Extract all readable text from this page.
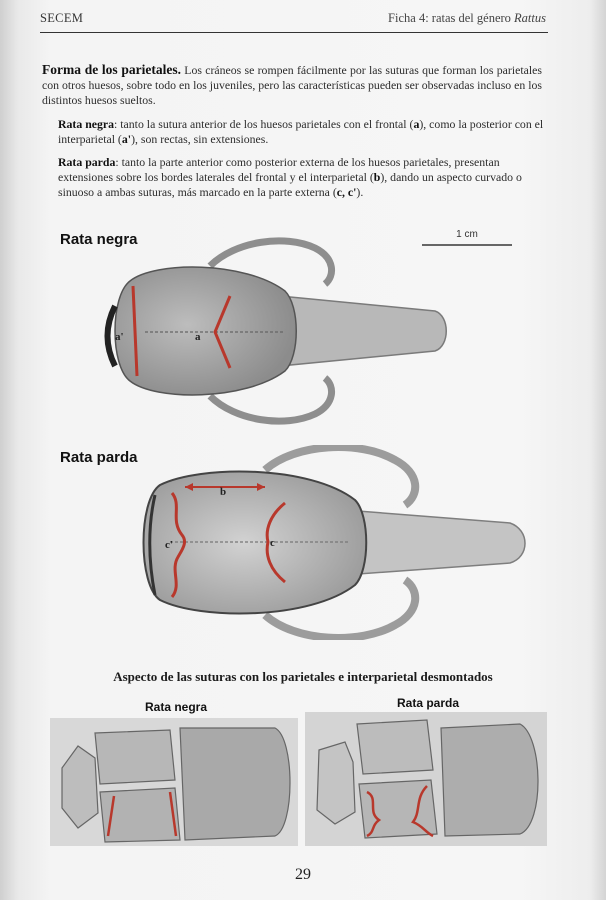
SECEM	Ficha 4: ratas del género Rattus
Forma de los parietales. Los cráneos se rompen fácilmente por las suturas que forman los parietales con otros huesos, sobre todo en los juveniles, pero las características pueden ser observadas incluso en los distintos huesos sueltos.
Rata negra: tanto la sutura anterior de los huesos parietales con el frontal (a), como la posterior con el interparietal (a'), son rectas, sin extensiones.
Rata parda: tanto la parte anterior como posterior externa de los huesos parietales, presentan extensiones sobre los bordes laterales del frontal y el interparietal (b), dando un aspecto curvado o sinuoso a ambas suturas, más marcado en la parte externa (c, c').
Rata negra	1 cm
a'	a
Rata parda
b
c'	c
Aspecto de las suturas con los parietales e interparietal desmontados
Rata negra	Rata parda
29
